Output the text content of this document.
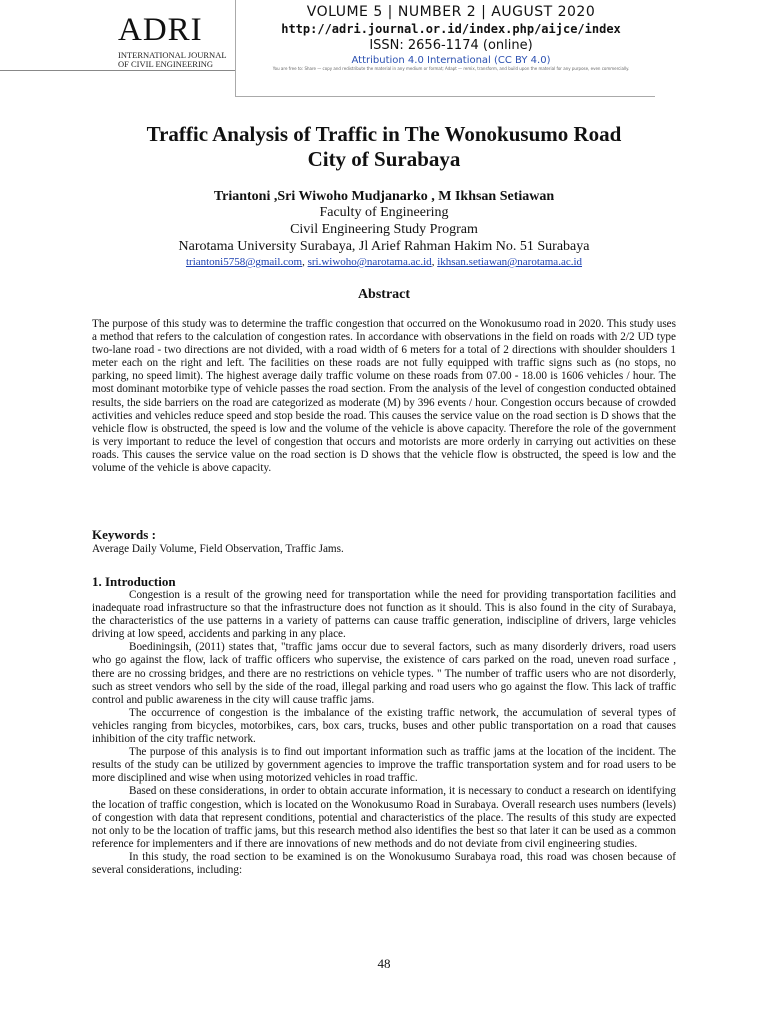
ADRI
INTERNATIONAL JOURNAL
OF CIVIL ENGINEERING
VOLUME 5 | NUMBER 2 | AUGUST 2020
http://adri.journal.or.id/index.php/aijce/index
ISSN: 2656-1174 (online)
Attribution 4.0 International (CC BY 4.0)
You are free to: Share — copy and redistribute the material in any medium or format; Adapt — remix, transform, and build upon the material for any purpose, even commercially.
Traffic Analysis of Traffic in The Wonokusumo Road
City of Surabaya
Triantoni ,Sri Wiwoho Mudjanarko , M Ikhsan Setiawan
Faculty of Engineering
Civil Engineering Study Program
Narotama University Surabaya, Jl Arief Rahman Hakim No. 51 Surabaya
triantoni5758@gmail.com, sri.wiwoho@narotama.ac.id, ikhsan.setiawan@narotama.ac.id
Abstract
The purpose of this study was to determine the traffic congestion that occurred on the Wonokusumo road in 2020. This study uses a method that refers to the calculation of congestion rates. In accordance with observations in the field on roads with 2/2 UD type two-lane road - two directions are not divided, with a road width of 6 meters for a total of 2 directions with shoulder shoulders 1 meter each on the right and left. The facilities on these roads are not fully equipped with traffic signs such as (no stops, no parking, no speed limit). The highest average daily traffic volume on these roads from 07.00 - 18.00 is 1606 vehicles / hour. The most dominant motorbike type of vehicle passes the road section. From the analysis of the level of congestion conducted obtained results, the side barriers on the road are categorized as moderate (M) by 396 events / hour. Congestion occurs because of crowded activities and vehicles reduce speed and stop beside the road. This causes the service value on the road section is D shows that the vehicle flow is obstructed, the speed is low and the volume of the vehicle is above capacity. Therefore the role of the government is very important to reduce the level of congestion that occurs and motorists are more orderly in carrying out activities on these roads. This causes the service value on the road section is D shows that the vehicle flow is obstructed, the speed is low and the volume of the vehicle is above capacity.
Keywords :
Average Daily Volume, Field Observation, Traffic Jams.
1. Introduction
Congestion is a result of the growing need for transportation while the need for providing transportation facilities and inadequate road infrastructure so that the infrastructure does not function as it should. This is also found in the city of Surabaya, the characteristics of the use patterns in a variety of patterns can cause traffic generation, indiscipline of drivers, large vehicles driving at low speed, accidents and parking in any place.
Boediningsih, (2011) states that, "traffic jams occur due to several factors, such as many disorderly drivers, road users who go against the flow, lack of traffic officers who supervise, the existence of cars parked on the road, uneven road surface , there are no crossing bridges, and there are no restrictions on vehicle types. " The number of traffic users who are not disorderly, such as street vendors who sell by the side of the road, illegal parking and road users who go against the flow. This lack of traffic control and public awareness in the city will cause traffic jams.
The occurrence of congestion is the imbalance of the existing traffic network, the accumulation of several types of vehicles ranging from bicycles, motorbikes, cars, box cars, trucks, buses and other public transportation on a road that causes inhibition of the city traffic network.
The purpose of this analysis is to find out important information such as traffic jams at the location of the incident. The results of the study can be utilized by government agencies to improve the traffic transportation system and for road users to be more disciplined and wise when using motorized vehicles in road traffic.
Based on these considerations, in order to obtain accurate information, it is necessary to conduct a research on identifying the location of traffic congestion, which is located on the Wonokusumo Road in Surabaya. Overall research uses numbers (levels) of congestion with data that represent conditions, potential and characteristics of the place. The results of this study are expected not only to be the location of traffic jams, but this research method also identifies the best so that later it can be used as a common reference for implementers and if there are innovations of new methods and do not deviate from civil engineering studies.
In this study, the road section to be examined is on the Wonokusumo Surabaya road, this road was chosen because of several considerations, including:
48
